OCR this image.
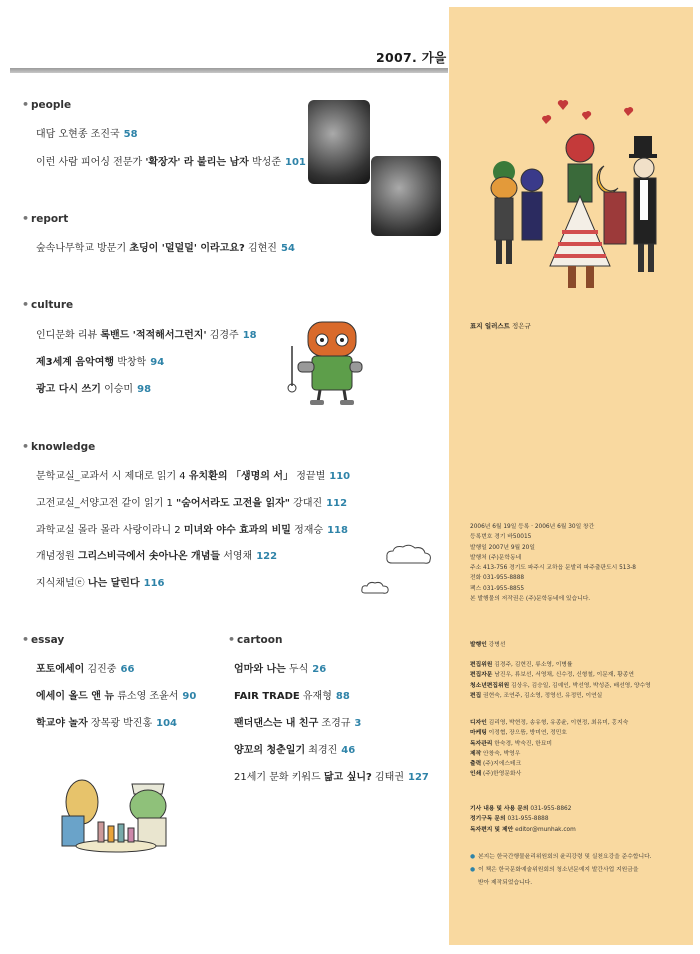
2007. 가을
• people
대담 오현종 조진국 58
이런 사람 피어싱 전문가 '확장자' 라 불리는 남자 박성준 101
• report
숲속나무학교 방문기 초딩이 '덜덜덜' 이라고요? 김현진 54
• culture
인디문화 리뷰 록밴드 '적적해서그런지' 김경주 18
제3세계 음악여행 박창학 94
광고 다시 쓰기 이승미 98
• knowledge
문학교실_교과서 시 제대로 읽기 4 유치환의 「생명의 서」 정끝별 110
고전교실_서양고전 같이 읽기 1 "숨어서라도 고전을 읽자" 강대진 112
과학교실 몰라 몰라 사랑이라니 2 미녀와 야수 효과의 비밀 정재승 118
개념정원 그리스비극에서 솟아나온 개념들 서영채 122
지식채널ⓔ 나는 달린다 116
• essay
포토에세이 김진중 66
에세이 올드 앤 뉴 류소영 조윤서 90
학교야 놀자 장목광 박진홍 104
• cartoon
엄마와 나는 두식 26
FAIR TRADE 유재형 88
팬더댄스는 내 친구 조경규 3
양꼬의 청춘일기 최경진 46
21세기 문화 키워드 닮고 싶니? 김태권 127
표지 일러스트 정은규
2006년 6월 19일 등록 · 2006년 6월 30일 창간
등록번호 경기 바50015
발행일 2007년 9월 20일
발행처 (주)문학동네
주소 413-756 경기도 파주시 교하읍 문발리 파주출판도시 513-8
전화 031-955-8888
팩스 031-955-8855
본 발행물의 저작권은 (주)문학동네에 있습니다.
발행인 강병선
편집위원 김경주, 김현진, 류소영, 이병률
편집자문 남진우, 류보선, 서영채, 신수정, 신형철, 이문재, 황종연
청소년편집위원 김상우, 김승일, 김예인, 박선영, 박성준, 배선영, 양수영
편집 권현숙, 조연주, 김소영, 정영선, 유정민, 이연실
디자인 김리영, 박현정, 송유형, 유종윤, 이현정, 최유미, 홍지숙
마케팅 이정협, 장으뜸, 방미연, 정민호
독자관리 한숙경, 박숙진, 한묘미
제작 안창숙, 박영우
출력 (주)지에스테크
인쇄 (주)한영문화사
기사 내용 및 사용 문의 031-955-8862
정기구독 문의 031-955-8888
독자편지 및 제안 editor@munhak.com
● 본지는 한국간행물윤리위원회의 윤리강령 및 실천요강을 준수합니다.
● 이 책은 한국문화예술위원회의 청소년문예지 발간사업 지원금을
받아 제작되었습니다.
